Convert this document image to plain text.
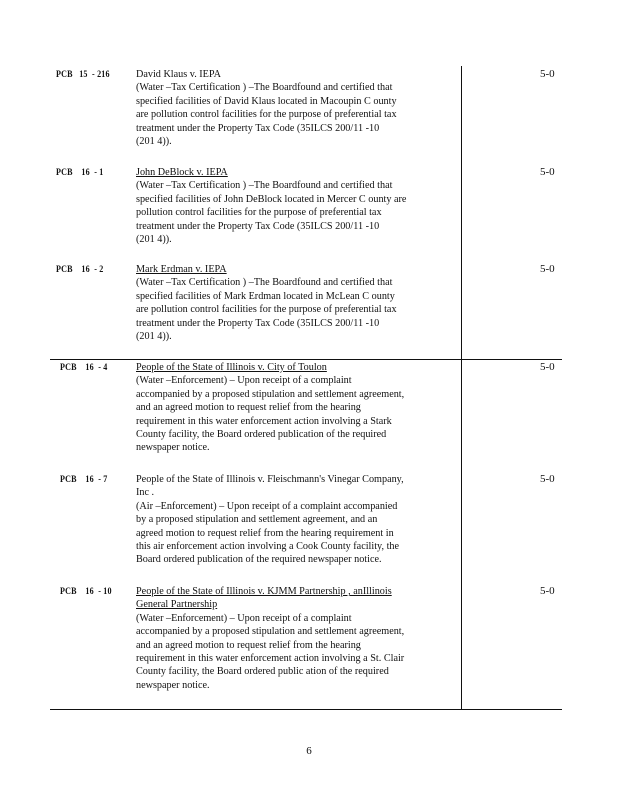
PCB   15  - 216	David Klaus v. IEPA
(Water –Tax Certification ) –The Boardfound and certified that
specified facilities of David Klaus located in Macoupin C ounty
are pollution control facilities for the purpose of preferential tax
treatment under the Property Tax Code (35ILCS 200/11 -10
(201 4)).
5-0
PCB    16  - 1	John DeBlock v. IEPA
(Water –Tax Certification ) –The Boardfound and certified that
specified facilities of John DeBlock located in Mercer C ounty are
pollution control facilities for the purpose of preferential tax
treatment under the Property Tax Code (35ILCS 200/11 -10
(201 4)).
5-0
PCB    16  - 2	Mark Erdman v. IEPA
(Water –Tax Certification ) –The Boardfound and certified that
specified facilities of Mark Erdman located in McLean C ounty
are pollution control facilities for the purpose of preferential tax
treatment under the Property Tax Code (35ILCS 200/11 -10
(201 4)).
5-0
PCB    16  - 4	People of the State of Illinois v. City of Toulon
(Water –Enforcement) – Upon receipt of a complaint
accompanied by a proposed stipulation and settlement agreement,
and an agreed motion to request relief from the hearing
requirement in this water enforcement action involving a Stark
County facility, the Board ordered publication of the required
newspaper notice.
5-0
PCB    16  - 7	People of the State of Illinois v. Fleischmann's Vinegar Company,
Inc .
(Air –Enforcement) – Upon receipt of a complaint accompanied
by a proposed stipulation and settlement agreement, and an
agreed motion to request relief from the hearing requirement in
this air enforcement action involving a Cook County facility, the
Board ordered publication of the required newspaper notice.
5-0
PCB    16  - 10 People of the State of Illinois v. KJMM Partnership , anIllinois
General Partnership
(Water –Enforcement) – Upon receipt of a complaint
accompanied by a proposed stipulation and settlement agreement,
and an agreed motion to request relief from the hearing
requirement in this water enforcement action involving a St. Clair
County facility, the Board ordered public ation of the required
newspaper notice.
5-0
6
